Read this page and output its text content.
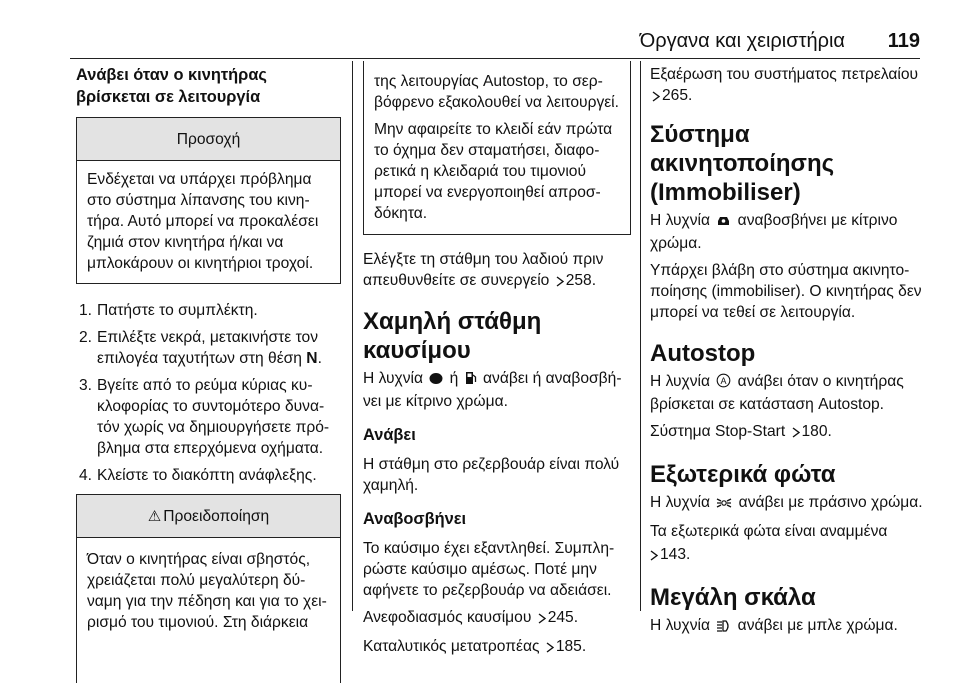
Όργανα και χειριστήρια 119

Ανάβει όταν ο κινητήρας βρίσκεται σε λειτουργία

Προσοχή
Ενδέχεται να υπάρχει πρόβλημα στο σύστημα λίπανσης του κινητήρα. Αυτό μπορεί να προκαλέσει ζημιά στον κινητήρα ή/και να μπλοκάρουν οι κινητήριοι τροχοί.
1. Πατήστε το συμπλέκτη.
2. Επιλέξτε νεκρά, μετακινήστε τον επιλογέα ταχυτήτων στη θέση N.
3. Βγείτε από το ρεύμα κύριας κυκλοφορίας το συντομότερο δυνατόν χωρίς να δημιουργήσετε πρόβλημα στα επερχόμενα οχήματα.
4. Κλείστε το διακόπτη ανάφλεξης.
⚠ Προειδοποίηση
Όταν ο κινητήρας είναι σβηστός, χρειάζεται πολύ μεγαλύτερη δύναμη για την πέδηση και για το χειρισμό του τιμονιού. Στη διάρκεια

της λειτουργίας Autostop, το σερβόφρενο εξακολουθεί να λειτουργεί.

Μην αφαιρείτε το κλειδί εάν πρώτα το όχημα δεν σταματήσει, διαφορετικά η κλειδαριά του τιμονιού μπορεί να ενεργοποιηθεί απροσδόκητα.

Ελέγξτε τη στάθμη του λαδιού πριν απευθυνθείτε σε συνεργείο 258.

Χαμηλή στάθμη καυσίμου

Η λυχνία  ή  ανάβει ή αναβοσβήνει με κίτρινο χρώμα.

Ανάβει

Η στάθμη στο ρεζερβουάρ είναι πολύ χαμηλή.

Αναβοσβήνει

Το καύσιμο έχει εξαντληθεί. Συμπληρώστε καύσιμο αμέσως. Ποτέ μην αφήνετε το ρεζερβουάρ να αδειάσει.

Ανεφοδιασμός καυσίμου 245.

Καταλυτικός μετατροπέας 185.

Εξαέρωση του συστήματος πετρελαίου 265.

Σύστημα ακινητοποίησης (Immobiliser)

Η λυχνία  αναβοσβήνει με κίτρινο χρώμα.

Υπάρχει βλάβη στο σύστημα ακινητοποίησης (immobiliser). Ο κινητήρας δεν μπορεί να τεθεί σε λειτουργία.

Autostop

Η λυχνία A ανάβει όταν ο κινητήρας βρίσκεται σε κατάσταση Autostop.

Σύστημα Stop-Start 180.

Εξωτερικά φώτα

Η λυχνία  ανάβει με πράσινο χρώμα.

Τα εξωτερικά φώτα είναι αναμμένα

143.

Μεγάλη σκάλα

Η λυχνία  ανάβει με μπλε χρώμα.
